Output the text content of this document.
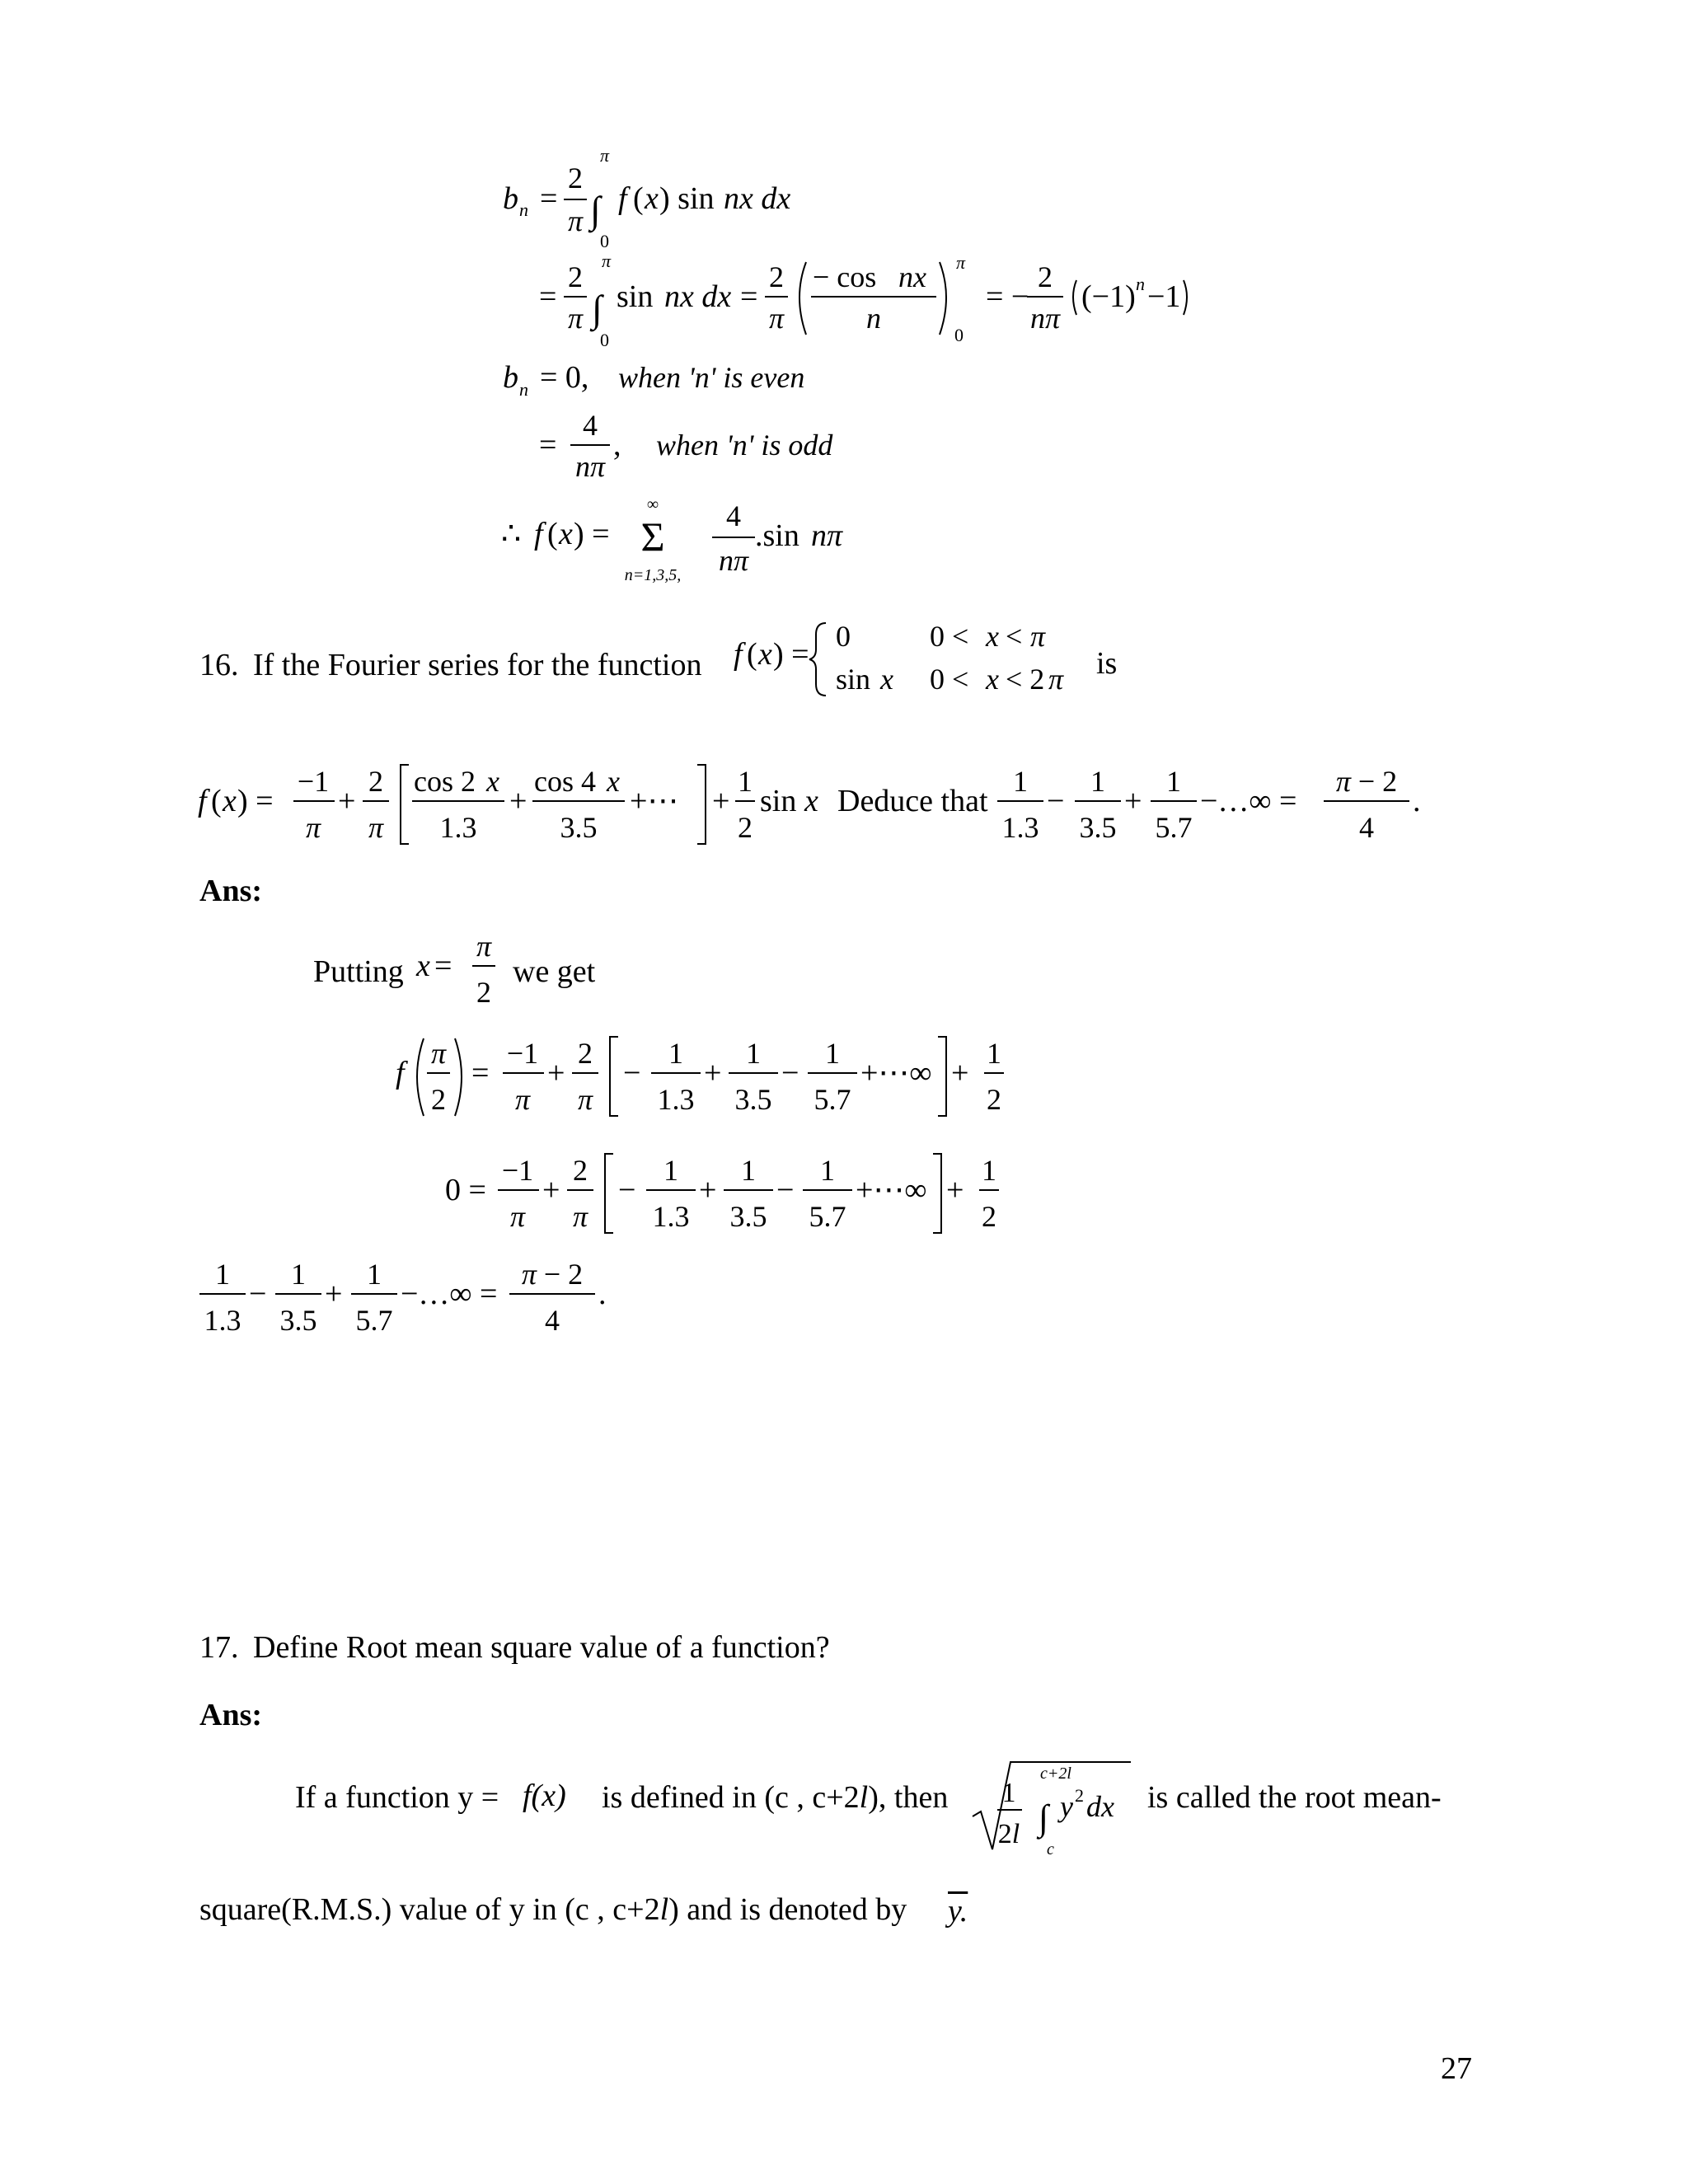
b n =
2
π
π
∫
0
f ( x ) sin nx dx
=
2
π
π
∫
0
sin nx dx =
2
π
− cos nx
n
π
0
= −
2
nπ
(−1) n −1
b n = 0, when 'n' is even
=
4
nπ
, when 'n' is odd
∴ f ( x ) =
∞
Σ
n=1,3,5,
4
nπ
.sin nπ
16. If the Fourier series for the function f ( x ) =
0	0 < x < π
sin x 0 < x < 2 π is
f ( x ) =
−1
π
+
2
π
cos 2 x
1.3
+
cos 4 x
3.5
+⋯ +
1
2
sin x Deduce that
1
1.3
−
1
3.5
+
1
5.7
−…∞ =
π − 2
4
.
Ans:
Putting x =
π
2
we get
f
π
2
=
−1
π
+
2
π
−
1
1.3
+
1
3.5
−
1
5.7
+⋯∞ +
1
2
0 =
−1
π
+
2
π
−
1
1.3
+
1
3.5
−
1
5.7
+⋯∞ +
1
2
1
1.3
−
1
3.5
+
1
5.7
−…∞ =
π − 2
4
.
17. Define Root mean square value of a function?
Ans:
If a function y = f(x) is defined in (c , c+2l), then 1
2l
c+2l
∫
c
y 2 dx is called the root mean-
square(R.M.S.) value of y in (c , c+2l) and is denoted by y.
27
